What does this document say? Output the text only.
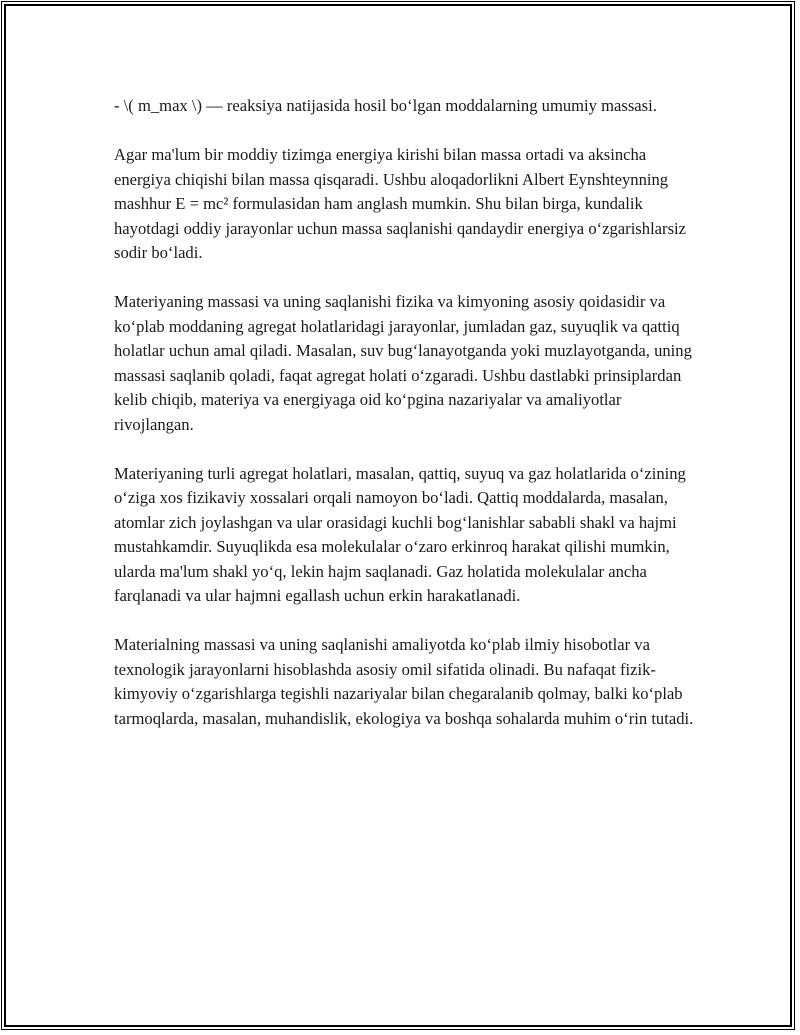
- \( m_max \) — reaksiya natijasida hosil bo‘lgan moddalarning umumiy massasi.

Agar ma'lum bir moddiy tizimga energiya kirishi bilan massa ortadi va aksincha energiya chiqishi bilan massa qisqaradi. Ushbu aloqadorlikni Albert Eynshteynning mashhur E = mc² formulasidan ham anglash mumkin. Shu bilan birga, kundalik hayotdagi oddiy jarayonlar uchun massa saqlanishi qandaydir energiya o‘zgarishlarsiz sodir bo‘ladi.

Materiyaning massasi va uning saqlanishi fizika va kimyoning asosiy qoidasidir va ko‘plab moddaning agregat holatlaridagi jarayonlar, jumladan gaz, suyuqlik va qattiq holatlar uchun amal qiladi. Masalan, suv bug‘lanayotganda yoki muzlayotganda, uning massasi saqlanib qoladi, faqat agregat holati o‘zgaradi. Ushbu dastlabki prinsiplardan kelib chiqib, materiya va energiyaga oid ko‘pgina nazariyalar va amaliyotlar rivojlangan.

Materiyaning turli agregat holatlari, masalan, qattiq, suyuq va gaz holatlarida o‘zining o‘ziga xos fizikaviy xossalari orqali namoyon bo‘ladi. Qattiq moddalarda, masalan, atomlar zich joylashgan va ular orasidagi kuchli bog‘lanishlar sababli shakl va hajmi mustahkamdir. Suyuqlikda esa molekulalar o‘zaro erkinroq harakat qilishi mumkin, ularda ma'lum shakl yo‘q, lekin hajm saqlanadi. Gaz holatida molekulalar ancha farqlanadi va ular hajmni egallash uchun erkin harakatlanadi.

Materialning massasi va uning saqlanishi amaliyotda ko‘plab ilmiy hisobotlar va texnologik jarayonlarni hisoblashda asosiy omil sifatida olinadi. Bu nafaqat fizik-kimyoviy o‘zgarishlarga tegishli nazariyalar bilan chegaralanib qolmay, balki ko‘plab tarmoqlarda, masalan, muhandislik, ekologiya va boshqa sohalarda muhim o‘rin tutadi.
